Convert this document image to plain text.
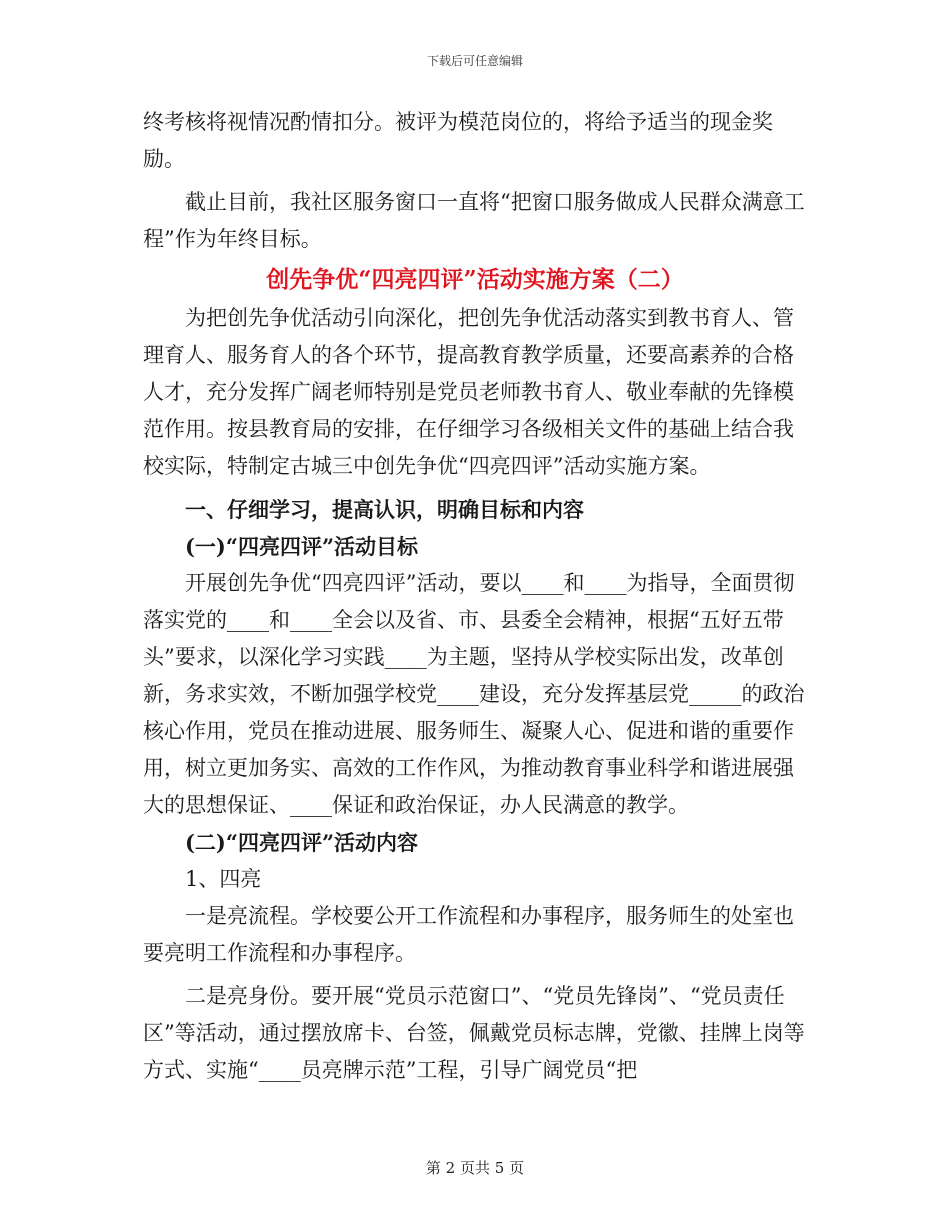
下载后可任意编辑

终考核将视情况酌情扣分。被评为模范岗位的，将给予适当的现金奖励。

截止目前，我社区服务窗口一直将“把窗口服务做成人民群众满意工程”作为年终目标。

创先争优“四亮四评”活动实施方案（二）

为把创先争优活动引向深化，把创先争优活动落实到教书育人、管理育人、服务育人的各个环节，提高教育教学质量，还要高素养的合格人才，充分发挥广阔老师特别是党员老师教书育人、敬业奉献的先锋模范作用。按县教育局的安排，在仔细学习各级相关文件的基础上结合我校实际，特制定古城三中创先争优“四亮四评”活动实施方案。

一、仔细学习，提高认识，明确目标和内容

(一)“四亮四评”活动目标

开展创先争优“四亮四评”活动，要以____和____为指导，全面贯彻落实党的____和____全会以及省、市、县委全会精神，根据“五好五带头”要求，以深化学习实践____为主题，坚持从学校实际出发，改革创新，务求实效，不断加强学校党____建设，充分发挥基层党_____的政治核心作用，党员在推动进展、服务师生、凝聚人心、促进和谐的重要作用，树立更加务实、高效的工作作风，为推动教育事业科学和谐进展强大的思想保证、____保证和政治保证，办人民满意的教学。

(二)“四亮四评”活动内容

1、四亮

一是亮流程。学校要公开工作流程和办事程序，服务师生的处室也要亮明工作流程和办事程序。

二是亮身份。要开展“党员示范窗口”、“党员先锋岗”、“党员责任区”等活动，通过摆放席卡、台签，佩戴党员标志牌，党徽、挂牌上岗等方式、实施“____员亮牌示范”工程，引导广阔党员“把

第 2 页共 5 页
